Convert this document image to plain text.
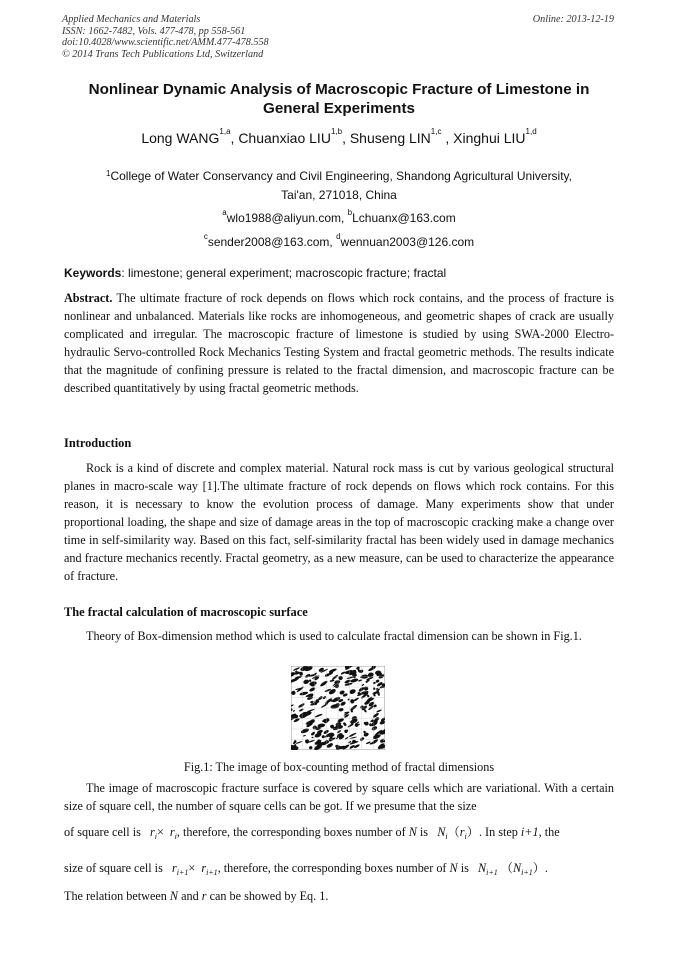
Applied Mechanics and Materials
ISSN: 1662-7482, Vols. 477-478, pp 558-561
doi:10.4028/www.scientific.net/AMM.477-478.558
© 2014 Trans Tech Publications Ltd, Switzerland
Online: 2013-12-19
Nonlinear Dynamic Analysis of Macroscopic Fracture of Limestone in
General Experiments
Long WANG$^{1,a}$, Chuanxiao LIU$^{1,b}$, Shuseng LIN$^{1,c}$ , Xinghui LIU$^{1,d}$
$^1$College of Water Conservancy and Civil Engineering, Shandong Agricultural University,
Tai'an, 271018, China
$^a$wlo1988@aliyun.com, $^b$Lchuanx@163.com
$^c$sender2008@163.com, $^d$wennuan2003@126.com
Keywords: limestone; general experiment; macroscopic fracture; fractal
Abstract. The ultimate fracture of rock depends on flows which rock contains, and the process of fracture is nonlinear and unbalanced. Materials like rocks are inhomogeneous, and geometric shapes of crack are usually complicated and irregular. The macroscopic fracture of limestone is studied by using SWA-2000 Electro-hydraulic Servo-controlled Rock Mechanics Testing System and fractal geometric methods. The results indicate that the magnitude of confining pressure is related to the fractal dimension, and macroscopic fracture can be described quantitatively by using fractal geometric methods.
Introduction
Rock is a kind of discrete and complex material. Natural rock mass is cut by various geological structural planes in macro-scale way [1].The ultimate fracture of rock depends on flows which rock contains. For this reason, it is necessary to know the evolution process of damage. Many experiments show that under proportional loading, the shape and size of damage areas in the top of macroscopic cracking make a change over time in self-similarity way. Based on this fact, self-similarity fractal has been widely used in damage mechanics and fracture mechanics recently. Fractal geometry, as a new measure, can be used to characterize the appearance of fracture.
The fractal calculation of macroscopic surface
Theory of Box-dimension method which is used to calculate fractal dimension can be shown in Fig.1.
Fig.1: The image of box-counting method of fractal dimensions
The image of macroscopic fracture surface is covered by square cells which are variational. With a certain size of square cell, the number of square cells can be got. If we presume that the size
of square cell is $r_i\times r_i$, therefore, the corresponding boxes number of N is $N_i(r_i)$. In step i+1, the
size of square cell is $r_{i+1}\times r_{i+1}$, therefore, the corresponding boxes number of N is $N_{i+1}$ $(N_{i+1})$.
The relation between N and r can be showed by Eq. 1.
